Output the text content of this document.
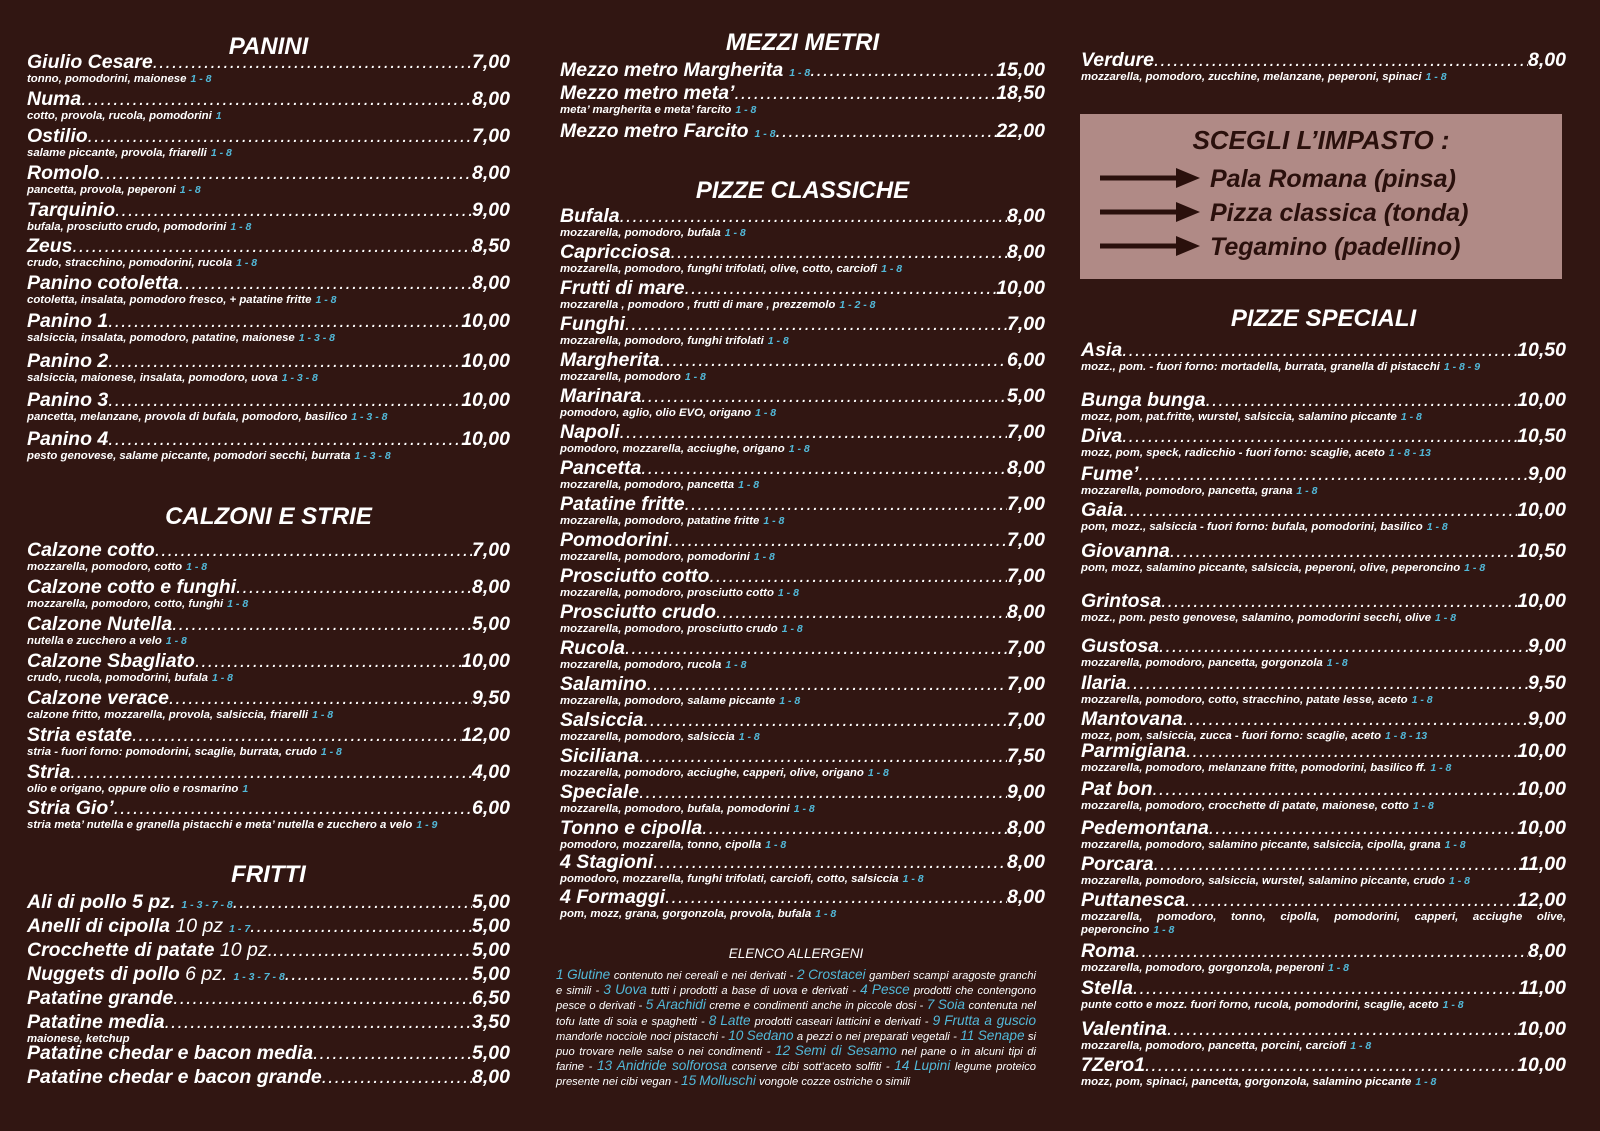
PANINI
Giulio Cesare .....	7,00
tonno, pomodorini, maionese 1 - 8
Numa .....	8,00
cotto, provola, rucola, pomodorini 1
Ostilio .....	7,00
salame piccante, provola, friarelli 1 - 8
Romolo .....	8,00
pancetta, provola, peperoni 1 - 8
Tarquinio .....	9,00
bufala, prosciutto crudo, pomodorini 1 - 8
Zeus .....	8,50
crudo, stracchino, pomodorini, rucola 1 - 8
Panino cotoletta .....	8,00
cotoletta, insalata, pomodoro fresco, + patatine fritte 1 - 8
Panino 1 .....	10,00
salsiccia, insalata, pomodoro, patatine, maionese 1 - 3 - 8
Panino 2 .....	10,00
salsiccia, maionese, insalata, pomodoro, uova 1 - 3 - 8
Panino 3 .....	10,00
pancetta, melanzane, provola di bufala, pomodoro, basilico 1 - 3 - 8
Panino 4 .....	10,00
pesto genovese, salame piccante, pomodori secchi, burrata 1 - 3 - 8
CALZONI E STRIE
Calzone cotto .....	7,00
mozzarella, pomodoro, cotto 1 - 8
Calzone cotto e funghi .....	8,00
mozzarella, pomodoro, cotto, funghi 1 - 8
Calzone Nutella .....	5,00
nutella e zucchero a velo 1 - 8
Calzone Sbagliato .....	10,00
crudo, rucola, pomodorini, bufala 1 - 8
Calzone verace .....	9,50
calzone fritto, mozzarella, provola, salsiccia, friarelli 1 - 8
Stria estate .....	12,00
stria - fuori forno: pomodorini, scaglie, burrata, crudo 1 - 8
Stria .....	4,00
olio e origano, oppure olio e rosmarino 1
Stria Gio’ .....	6,00
stria meta’ nutella e granella pistacchi e meta’ nutella e zucchero a velo 1 - 9
FRITTI
Ali di pollo 5 pz. 1 - 3 - 7 - 8 .....	5,00
Anelli di cipolla 10 pz 1 - 7 .....	5,00
Crocchette di patate 10 pz. .....	5,00
Nuggets di pollo 6 pz. 1 - 3 - 7 - 8 .....	5,00
Patatine grande .....	6,50
Patatine media .....	3,50
maionese, ketchup
Patatine chedar e bacon media .....	5,00
Patatine chedar e bacon grande .....	8,00
MEZZI METRI
Mezzo metro Margherita 1 - 8 .....	15,00
Mezzo metro meta’ .....	18,50
meta’ margherita e meta’ farcito 1 - 8
Mezzo metro Farcito 1 - 8 .....	22,00
PIZZE CLASSICHE
Bufala .....	8,00
mozzarella, pomodoro, bufala 1 - 8
Capricciosa .....	8,00
mozzarella, pomodoro, funghi trifolati, olive, cotto, carciofi 1 - 8
Frutti di mare .....	10,00
mozzarella , pomodoro , frutti di mare , prezzemolo 1 - 2 - 8
Funghi .....	7,00
mozzarella, pomodoro, funghi trifolati 1 - 8
Margherita .....	6,00
mozzarella, pomodoro 1 - 8
Marinara .....	5,00
pomodoro, aglio, olio EVO, origano 1 - 8
Napoli .....	7,00
pomodoro, mozzarella, acciughe, origano 1 - 8
Pancetta .....	8,00
mozzarella, pomodoro, pancetta 1 - 8
Patatine fritte .....	7,00
mozzarella, pomodoro, patatine fritte 1 - 8
Pomodorini .....	7,00
mozzarella, pomodoro, pomodorini 1 - 8
Prosciutto cotto .....	7,00
mozzarella, pomodoro, prosciutto cotto 1 - 8
Prosciutto crudo .....	8,00
mozzarella, pomodoro, prosciutto crudo 1 - 8
Rucola .....	7,00
mozzarella, pomodoro, rucola 1 - 8
Salamino .....	7,00
mozzarella, pomodoro, salame piccante 1 - 8
Salsiccia .....	7,00
mozzarella, pomodoro, salsiccia 1 - 8
Siciliana .....	7,50
mozzarella, pomodoro, acciughe, capperi, olive, origano 1 - 8
Speciale .....	9,00
mozzarella, pomodoro, bufala, pomodorini 1 - 8
Tonno e cipolla .....	8,00
pomodoro, mozzarella, tonno, cipolla 1 - 8
4 Stagioni .....	8,00
pomodoro, mozzarella, funghi trifolati, carciofi, cotto, salsiccia 1 - 8
4 Formaggi .....	8,00
pom, mozz, grana, gorgonzola, provola, bufala 1 - 8
Verdure .....	8,00
mozzarella, pomodoro, zucchine, melanzane, peperoni, spinaci 1 - 8
PIZZE SPECIALI
Asia .....	10,50
mozz., pom. - fuori forno: mortadella, burrata, granella di pistacchi 1 - 8 - 9
Bunga bunga .....	10,00
mozz, pom, pat.fritte, wurstel, salsiccia, salamino piccante 1 - 8
Diva .....	10,50
mozz, pom, speck, radicchio - fuori forno: scaglie, aceto 1 - 8 - 13
Fume’ .....	9,00
mozzarella, pomodoro, pancetta, grana 1 - 8
Gaia .....	10,00
pom, mozz., salsiccia - fuori forno: bufala, pomodorini, basilico 1 - 8
Giovanna .....	10,50
pom, mozz, salamino piccante, salsiccia, peperoni, olive, peperoncino 1 - 8
Grintosa .....	10,00
mozz., pom. pesto genovese, salamino, pomodorini secchi, olive 1 - 8
Gustosa .....	9,00
mozzarella, pomodoro, pancetta, gorgonzola 1 - 8
Ilaria .....	9,50
mozzarella, pomodoro, cotto, stracchino, patate lesse, aceto 1 - 8
Mantovana .....	9,00
mozz, pom, salsiccia, zucca - fuori forno: scaglie, aceto 1 - 8 - 13
Parmigiana .....	10,00
mozzarella, pomodoro, melanzane fritte, pomodorini, basilico ff. 1 - 8
Pat bon .....	10,00
mozzarella, pomodoro, crocchette di patate, maionese, cotto 1 - 8
Pedemontana .....	10,00
mozzarella, pomodoro, salamino piccante, salsiccia, cipolla, grana 1 - 8
Porcara .....	11,00
mozzarella, pomodoro, salsiccia, wurstel, salamino piccante, crudo 1 - 8
Puttanesca .....	12,00
mozzarella, pomodoro, tonno, cipolla, pomodorini, capperi, acciughe olive, peperoncino 1 - 8
Roma .....	8,00
mozzarella, pomodoro, gorgonzola, peperoni 1 - 8
Stella .....	11,00
punte cotto e mozz. fuori forno, rucola, pomodorini, scaglie, aceto 1 - 8
Valentina .....	10,00
mozzarella, pomodoro, pancetta, porcini, carciofi 1 - 8
7Zero1 .....	10,00
mozz, pom, spinaci, pancetta, gorgonzola, salamino piccante 1 - 8
SCEGLI L’IMPASTO :
Pala Romana (pinsa)
Pizza classica (tonda)
Tegamino (padellino)
ELENCO ALLERGENI
1 Glutine contenuto nei cereali e nei derivati - 2 Crostacei gamberi scampi aragoste granchi e simili - 3 Uova tutti i prodotti a base di uova e derivati - 4 Pesce prodotti che contengono pesce o derivati - 5 Arachidi creme e condimenti anche in piccole dosi - 7 Soia contenuta nel tofu latte di soia e spaghetti - 8 Latte prodotti caseari latticini e derivati - 9 Frutta a guscio mandorle nocciole noci pistacchi - 10 Sedano a pezzi o nei preparati vegetali - 11 Senape si puo trovare nelle salse o nei condimenti - 12 Semi di Sesamo nel pane o in alcuni tipi di farine - 13 Anidride solforosa conserve cibi sott’aceto solfiti - 14 Lupini legume proteico presente nei cibi vegan - 15 Molluschi vongole cozze ostriche o simili
